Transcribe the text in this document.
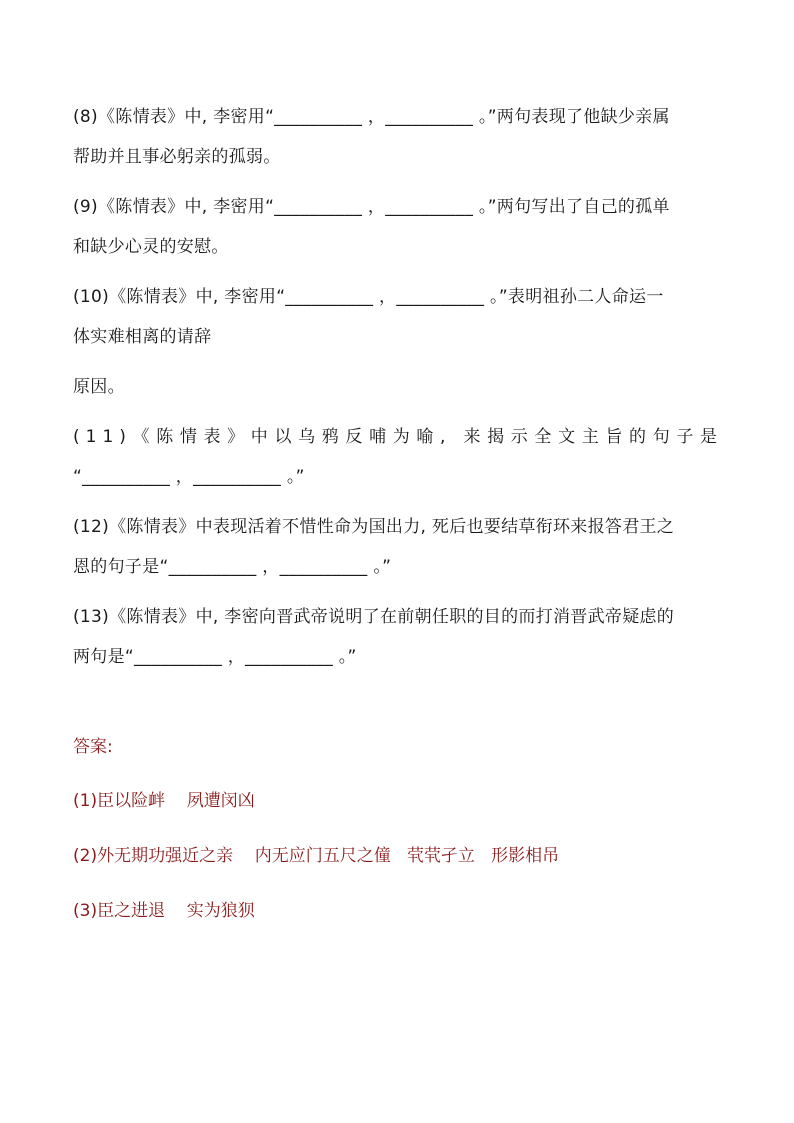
(8)《陈情表》中, 李密用“__________ ，__________ 。”两句表现了他缺少亲属
帮助并且事必躬亲的孤弱。
(9)《陈情表》中, 李密用“__________ ，__________ 。”两句写出了自己的孤单
和缺少心灵的安慰。
(10)《陈情表》中, 李密用“__________ ，__________ 。”表明祖孙二人命运一
体实难相离的请辞
原因。
(11)《陈情表》中以乌鸦反哺为喻, 来揭示全文主旨的句子是
“__________ ，__________ 。”
(12)《陈情表》中表现活着不惜性命为国出力, 死后也要结草衔环来报答君王之
恩的句子是“__________ ，__________ 。”
(13)《陈情表》中, 李密向晋武帝说明了在前朝任职的目的而打消晋武帝疑虑的
两句是“__________ ，__________ 。”
答案:
(1)臣以险衅    夙遭闵凶
(2)外无期功强近之亲    内无应门五尺之僮   茕茕孑立   形影相吊
(3)臣之进退    实为狼狈
